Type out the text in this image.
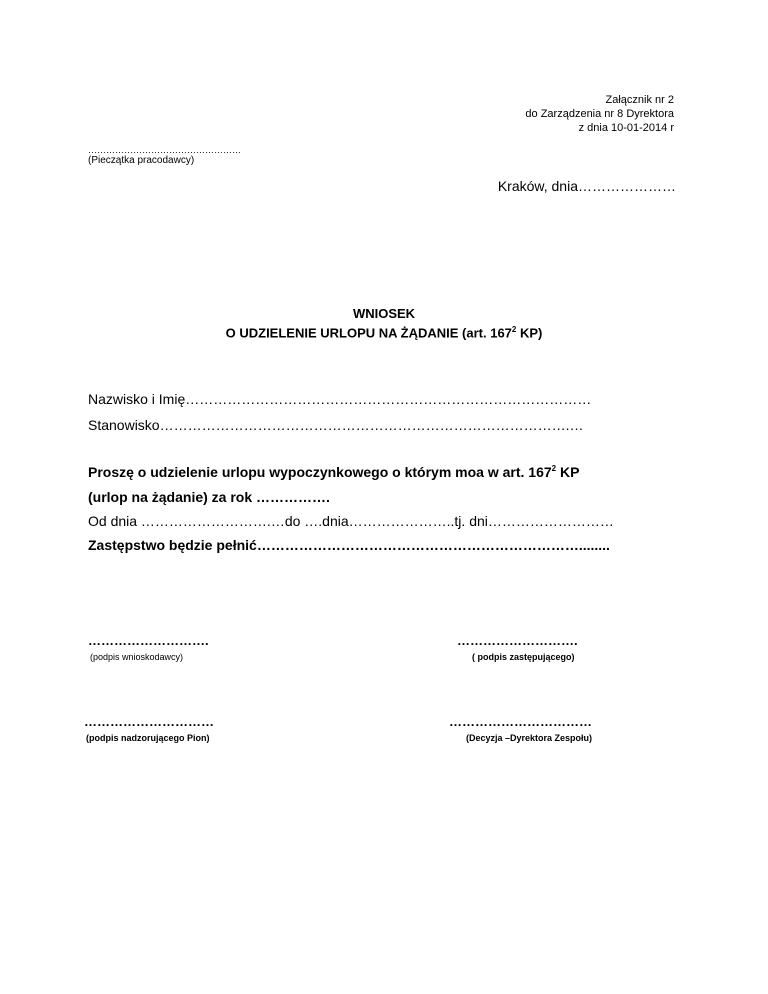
Załącznik nr 2
do Zarządzenia nr 8 Dyrektora
z dnia 10-01-2014 r
……………………………………………
(Pieczątka pracodawcy)
Kraków, dnia…………………
WNIOSEK
O UDZIELENIE URLOPU NA ŻĄDANIE (art. $167^2$ KP)
Nazwisko i Imię……………………………………………………………………………
Stanowisko…………………………………………………………………………….…
Proszę o udzielenie urlopu wypoczynkowego o którym moa w art. $167^2$ KP
(urlop na żądanie) za rok …………….
Od dnia ……………………….…do ….dnia…………………..tj. dni………………………
Zastępstwo będzie pełnić……………………………………………………………........
……………………….
(podpis wnioskodawcy)
……………………….
( podpis zastępującego)
…………………………
(podpis nadzorującego Pion)
……………………………
(Decyzja –Dyrektora Zespołu)
